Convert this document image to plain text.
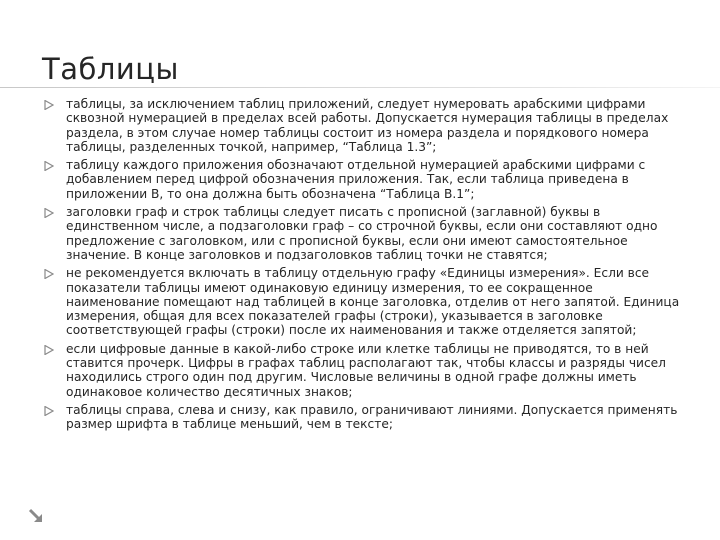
Таблицы
таблицы, за исключением таблиц приложений, следует нумеровать арабскими цифрами сквозной нумерацией в пределах всей работы. Допускается нумерация таблицы в пределах раздела, в этом случае номер таблицы состоит из номера раздела и порядкового номера таблицы, разделенных точкой, например, “Таблица 1.3”;
таблицу каждого приложения обозначают отдельной нумерацией арабскими цифрами с добавлением перед цифрой обозначения приложения. Так, если таблица приведена в приложении В, то она должна быть обозначена “Таблица В.1”;
заголовки граф и строк таблицы следует писать с прописной (заглавной) буквы в единственном числе, а подзаголовки граф – со строчной буквы, если они составляют одно предложение с заголовком, или с прописной буквы, если они имеют самостоятельное значение. В конце заголовков и подзаголовков таблиц точки не ставятся;
не рекомендуется включать в таблицу отдельную графу «Единицы измерения». Если все показатели таблицы имеют одинаковую единицу измерения, то ее сокращенное наименование помещают над таблицей в конце заголовка, отделив от него запятой. Единица измерения, общая для всех показателей графы (строки), указывается в заголовке соответствующей графы (строки) после их наименования и также отделяется запятой;
если цифровые данные в какой-либо строке или клетке таблицы не приводятся, то в ней ставится прочерк. Цифры в графах таблиц располагают так, чтобы классы и разряды чисел находились строго один под другим. Числовые величины в одной графе должны иметь одинаковое количество десятичных знаков;
таблицы справа, слева и снизу, как правило, ограничивают линиями. Допускается применять размер шрифта в таблице меньший, чем в тексте;
